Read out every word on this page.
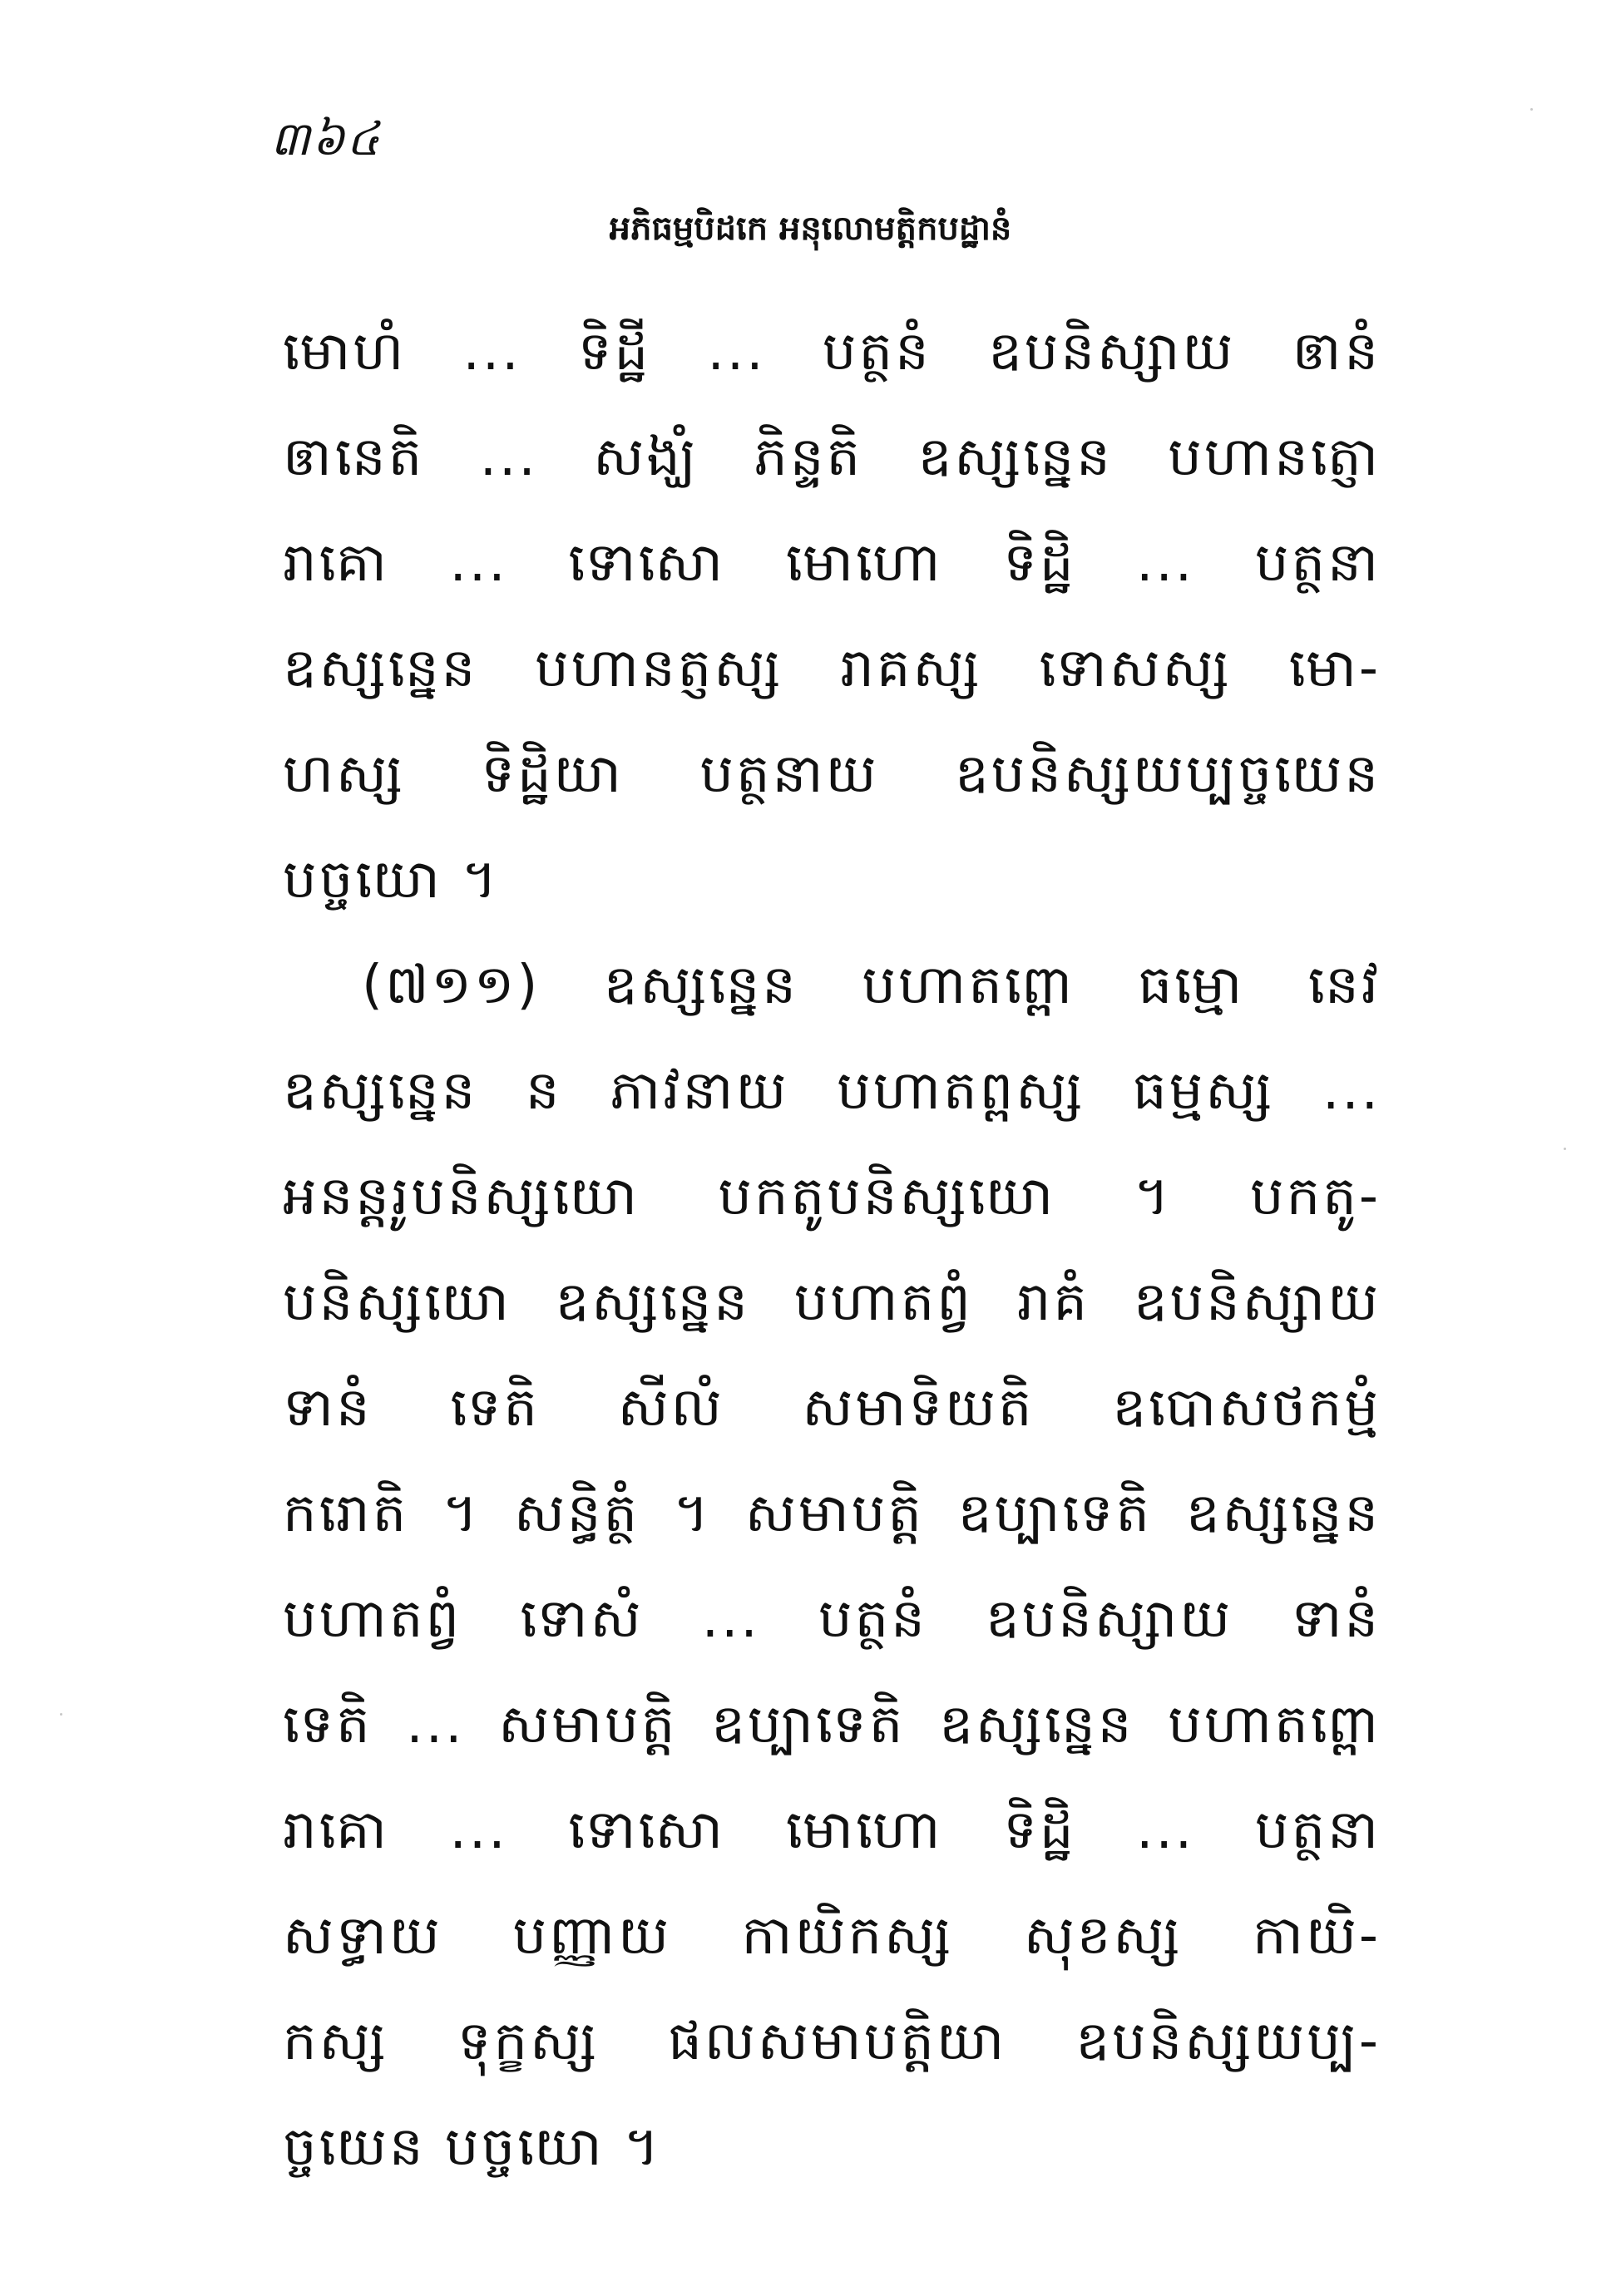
៣៦៤
អភិធម្មបិដកេ អនុលោមត្តិកបដ្ឋានំ
មោហំ ... ទិដ្ឋី ... បត្ថនំ ឧបនិស្សាយ ឲានំ
ឲានេតិ ... សង្ឃំ ភិន្ទតិ ឧស្សន្នេន បហានត្ញោ
រាគោ ... ទោសោ មោហោ ទិដ្ឋិ ... បត្ថនា
ឧស្សន្នេន បហានត្ញស្ស រាគស្ស ទោសស្ស មោ-
ហស្ស ទិដ្ឋិយា បត្ថនាយ ឧបនិស្សយប្បច្ចយេន
បច្ចយោ ។
(៧១១) ឧស្សន្នេន បហាតព្ពោ ធម្មោ នេវ
ឧស្សន្នេន ន ភាវនាយ បហាតព្ពស្ស ធម្មស្ស ...
អនន្តរូបនិស្សយោ បកតូបនិស្សយោ ។ បកតូ-
បនិស្សយោ ឧស្សន្នេន បហាតព្វំ រាគំ ឧបនិស្សាយ
ទានំ ទេតិ សីលំ សមាទិយតិ ឧបោសថកម្មំ
ករោតិ ។ សន្ធិត្ថំ ។ សមាបត្តិ ឧប្បាទេតិ ឧស្សន្នេន
បហាតព្វំ ទោសំ ... បត្ថនំ ឧបនិស្សាយ ទានំ
ទេតិ ... សមាបត្តិ ឧប្បាទេតិ ឧស្សន្នេន បហាតព្ពោ
រាគោ ... ទោសោ មោហោ ទិដ្ឋិ ... បត្ថនា
សទ្ធាយ បញ្ញាយ កាយិកស្ស សុខស្ស កាយិ-
កស្ស ទុក្ខស្ស ផលសមាបត្តិយា ឧបនិស្សយប្ប-
ច្ចយេន បច្ចយោ ។
